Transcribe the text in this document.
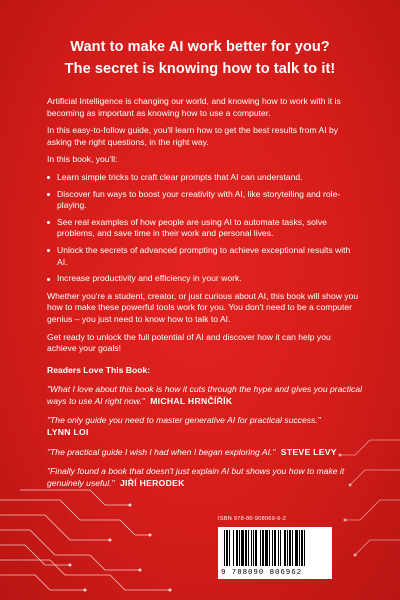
Want to make AI work better for you?
The secret is knowing how to talk to it!

Artificial Intelligence is changing our world, and knowing how to work with it is becoming as important as knowing how to use a computer.

In this easy-to-follow guide, you'll learn how to get the best results from AI by asking the right questions, in the right way.

In this book, you'll:

Learn simple tricks to craft clear prompts that AI can understand.
Discover fun ways to boost your creativity with AI, like storytelling and role-playing.
See real examples of how people are using AI to automate tasks, solve problems, and save time in their work and personal lives.
Unlock the secrets of advanced prompting to achieve exceptional results with AI.
Increase productivity and efficiency in your work.

Whether you're a student, creator, or just curious about AI, this book will show you how to make these powerful tools work for you. You don't need to be a computer genius – you just need to know how to talk to AI.

Get ready to unlock the full potential of AI and discover how it can help you achieve your goals!

Readers Love This Book:
"What I love about this book is how it cuts through the hype and gives you practical ways to use AI right now." MICHAL HRNČÍŘÍK
"The only guide you need to master generative AI for practical success."
LYNN LOI
"The practical guide I wish I had when I began exploring AI." STEVE LEVY
"Finally found a book that doesn't just explain AI but shows you how to make it genuinely useful." JIŘÍ HERODEK
ISBN 978-80-908069-6-2
9 788090 806962
